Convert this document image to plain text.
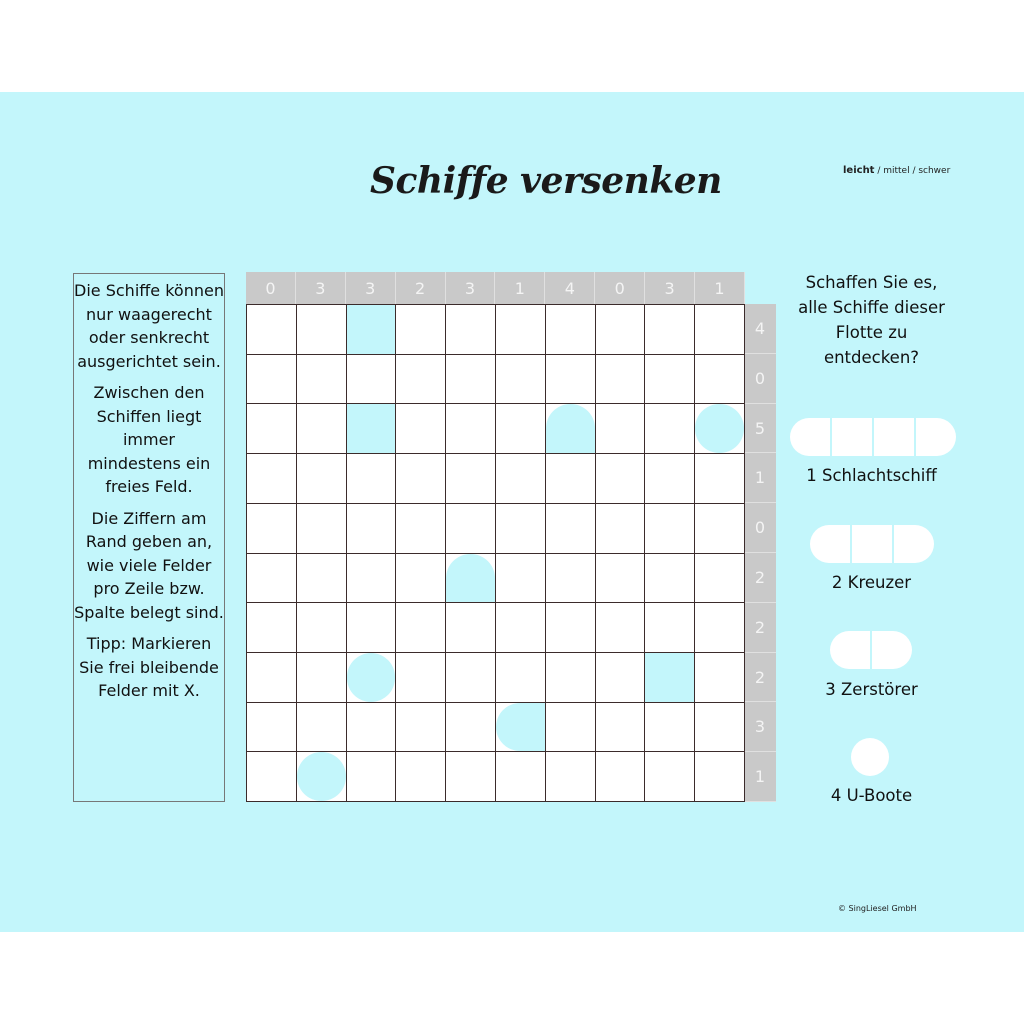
Schiffe versenken	leicht / mittel / schwer

Die Schiffe können nur waagerecht oder senkrecht ausgerichtet sein.

Zwischen den Schiffen liegt immer mindestens ein freies Feld.

Die Ziffern am Rand geben an, wie viele Felder pro Zeile bzw. Spalte belegt sind.

Tipp: Markieren Sie frei bleibende Felder mit X.

0	3	3	2	3	1	4	0	3	1
4
0
5
1
0
2
2
2
3
1
Schaffen Sie es, alle Schiffe dieser Flotte zu entdecken?
1 Schlachtschiff
2 Kreuzer
3 Zerstörer
4 U-Boote
© SingLiesel GmbH
